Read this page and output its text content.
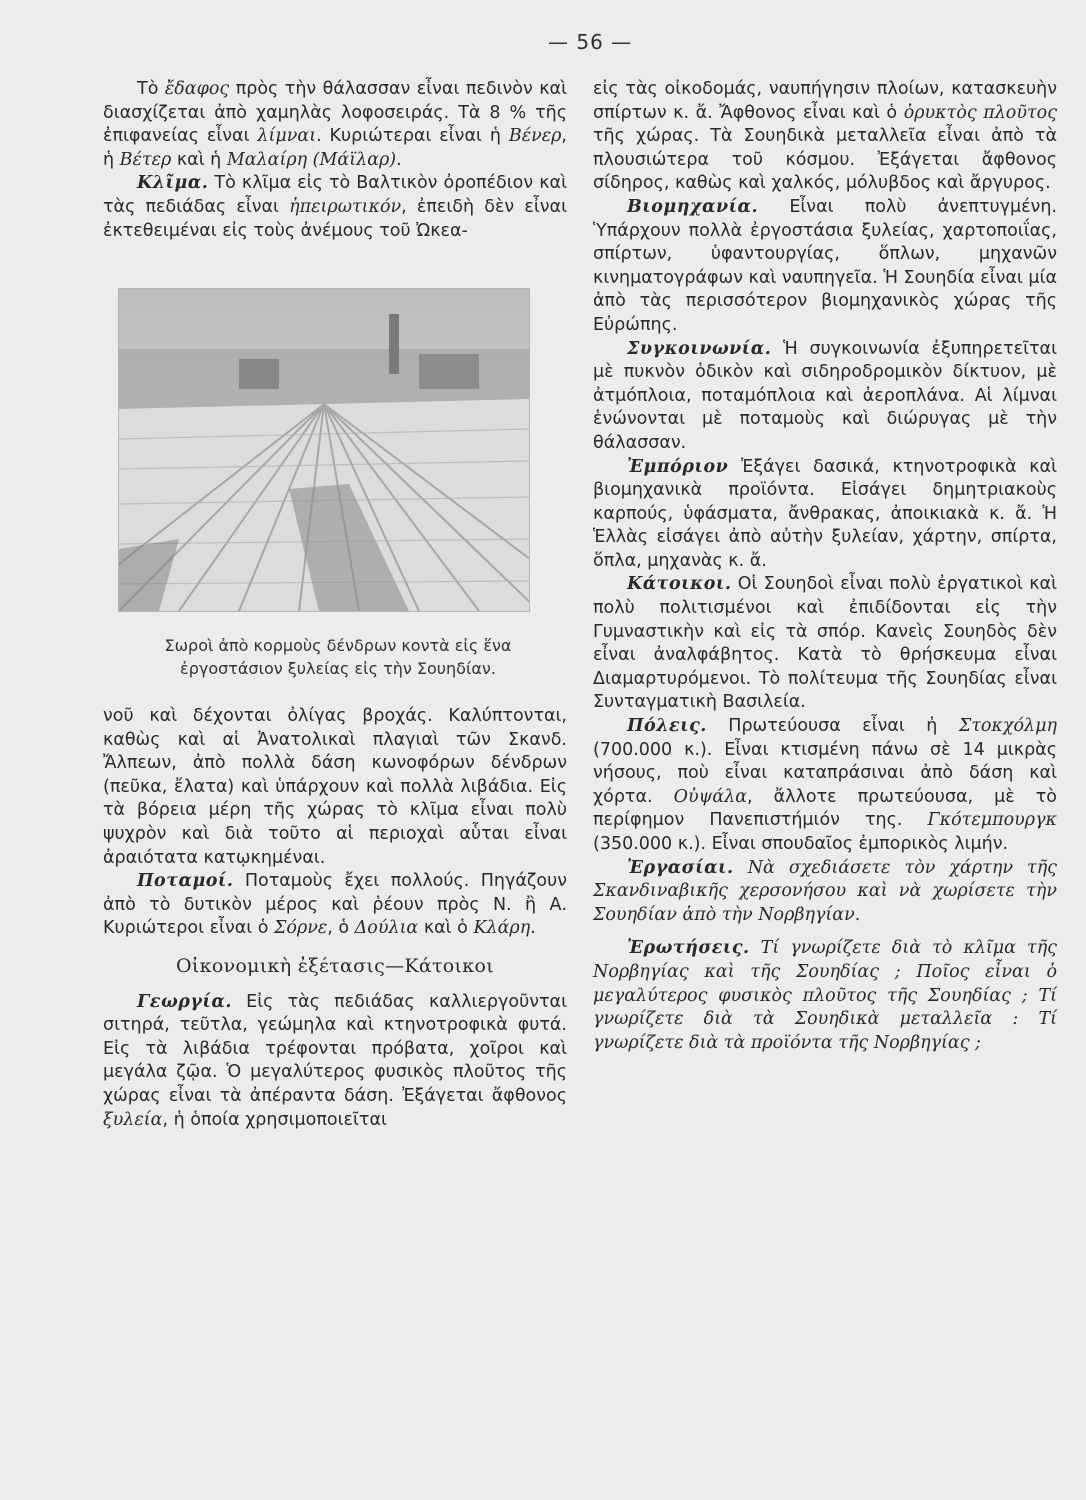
— 56 —

Τὸ ἔδαφος πρὸς τὴν θάλασσαν εἶναι πεδινὸν καὶ διασχίζεται ἀπὸ χαμηλὰς λοφοσειράς. Τὰ 8 % τῆς ἐπιφανείας εἶναι λίμναι. Κυριώτεραι εἶναι ἡ Βένερ, ἡ Βέτερ καὶ ἡ Μαλαίρη (Μάϊλαρ).

Κλῖμα. Τὸ κλῖμα εἰς τὸ Βαλτικὸν ὀροπέδιον καὶ τὰς πεδιάδας εἶναι ἠπειρωτικόν, ἐπειδὴ δὲν εἶναι ἐκτεθειμέναι εἰς τοὺς ἀνέμους τοῦ Ὠκεα-

Σωροὶ ἀπὸ κορμοὺς δένδρων κοντὰ εἰς ἕνα ἐργοστάσιον ξυλείας εἰς τὴν Σουηδίαν.

νοῦ καὶ δέχονται ὀλίγας βροχάς. Καλύπτονται, καθὼς καὶ αἱ Ἀνατολικαὶ πλαγιαὶ τῶν Σκανδ. Ἄλπεων, ἀπὸ πολλὰ δάση κωνοφόρων δένδρων (πεῦκα, ἔλατα) καὶ ὑπάρχουν καὶ πολλὰ λιβάδια. Εἰς τὰ βόρεια μέρη τῆς χώρας τὸ κλῖμα εἶναι πολὺ ψυχρὸν καὶ διὰ τοῦτο αἱ περιοχαὶ αὗται εἶναι ἀραιότατα κατῳκημέναι.

Ποταμοί. Ποταμοὺς ἔχει πολλούς. Πηγάζουν ἀπὸ τὸ δυτικὸν μέρος καὶ ῥέουν πρὸς Ν. ἢ Α. Κυριώτεροι εἶναι ὁ Σόρνε, ὁ Δούλια καὶ ὁ Κλάρη.

Οἰκονομικὴ ἐξέτασις—Κάτοικοι

Γεωργία. Εἰς τὰς πεδιάδας καλλιεργοῦνται σιτηρά, τεῦτλα, γεώμηλα καὶ κτηνοτροφικὰ φυτά. Εἰς τὰ λιβάδια τρέφονται πρόβατα, χοῖροι καὶ μεγάλα ζῷα. Ὁ μεγαλύτερος φυσικὸς πλοῦτος τῆς χώρας εἶναι τὰ ἀπέραντα δάση. Ἐξάγεται ἄφθονος ξυλεία, ἡ ὁποία χρησιμοποιεῖται

εἰς τὰς οἰκοδομάς, ναυπήγησιν πλοίων, κατασκευὴν σπίρτων κ. ἄ. Ἄφθονος εἶναι καὶ ὁ ὀρυκτὸς πλοῦτος τῆς χώρας. Τὰ Σουηδικὰ μεταλλεῖα εἶναι ἀπὸ τὰ πλουσιώτερα τοῦ κόσμου. Ἐξάγεται ἄφθονος σίδηρος, καθὼς καὶ χαλκός, μόλυβδος καὶ ἄργυρος.

Βιομηχανία. Εἶναι πολὺ ἀνεπτυγμένη. Ὑπάρχουν πολλὰ ἐργοστάσια ξυλείας, χαρτοποιΐας, σπίρτων, ὑφαντουργίας, ὅπλων, μηχανῶν κινηματογράφων καὶ ναυπηγεῖα. Ἡ Σουηδία εἶναι μία ἀπὸ τὰς περισσότερον βιομηχανικὸς χώρας τῆς Εὐρώπης.

Συγκοινωνία. Ἡ συγκοινωνία ἐξυπηρετεῖται μὲ πυκνὸν ὁδικὸν καὶ σιδηροδρομικὸν δίκτυον, μὲ ἀτμόπλοια, ποταμόπλοια καὶ ἀεροπλάνα. Αἱ λίμναι ἑνώνονται μὲ ποταμοὺς καὶ διώρυγας μὲ τὴν θάλασσαν.

Ἐμπόριον Ἐξάγει δασικά, κτηνοτροφικὰ καὶ βιομηχανικὰ προϊόντα. Εἰσάγει δημητριακοὺς καρπούς, ὑφάσματα, ἄνθρακας, ἀποικιακὰ κ. ἄ. Ἡ Ἑλλὰς εἰσάγει ἀπὸ αὐτὴν ξυλείαν, χάρτην, σπίρτα, ὅπλα, μηχανὰς κ. ἄ.

Κάτοικοι. Οἱ Σουηδοὶ εἶναι πολὺ ἐργατικοὶ καὶ πολὺ πολιτισμένοι καὶ ἐπιδίδονται εἰς τὴν Γυμναστικὴν καὶ εἰς τὰ σπόρ. Κανεὶς Σουηδὸς δὲν εἶναι ἀναλφάβητος. Κατὰ τὸ θρήσκευμα εἶναι Διαμαρτυρόμενοι. Τὸ πολίτευμα τῆς Σουηδίας εἶναι Συνταγματικὴ Βασιλεία.

Πόλεις. Πρωτεύουσα εἶναι ἡ Στοκχόλμη (700.000 κ.). Εἶναι κτισμένη πάνω σὲ 14 μικρὰς νήσους, ποὺ εἶναι καταπράσιναι ἀπὸ δάση καὶ χόρτα. Οὐψάλα, ἄλλοτε πρωτεύουσα, μὲ τὸ περίφημον Πανεπιστήμιόν της. Γκότεμπουργκ (350.000 κ.). Εἶναι σπουδαῖος ἐμπορικὸς λιμήν.

Ἐργασίαι. Νὰ σχεδιάσετε τὸν χάρτην τῆς Σκανδιναβικῆς χερσονήσου καὶ νὰ χωρίσετε τὴν Σουηδίαν ἀπὸ τὴν Νορβηγίαν.

Ἐρωτήσεις. Τί γνωρίζετε διὰ τὸ κλῖμα τῆς Νορβηγίας καὶ τῆς Σουηδίας ; Ποῖος εἶναι ὁ μεγαλύτερος φυσικὸς πλοῦτος τῆς Σουηδίας ; Τί γνωρίζετε διὰ τὰ Σουηδικὰ μεταλλεῖα : Τί γνωρίζετε διὰ τὰ προϊόντα τῆς Νορβηγίας ;
